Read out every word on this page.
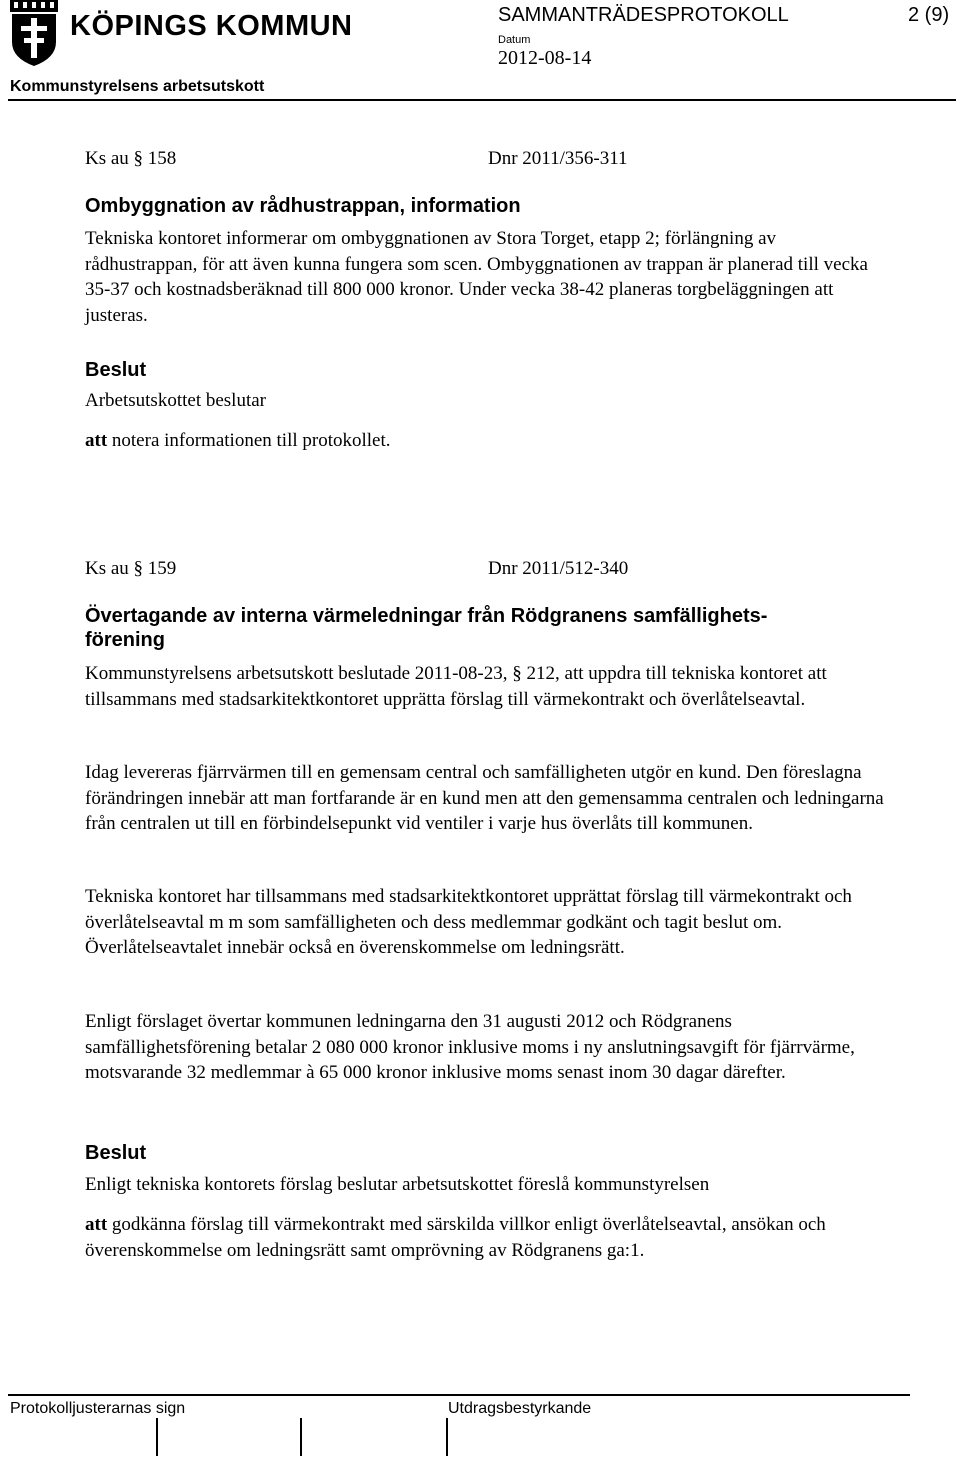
KÖPINGS KOMMUN	SAMMANTRÄDESPROTOKOLL	2 (9)
Datum
2012-08-14
Kommunstyrelsens arbetsutskott
Ks au § 158	Dnr 2011/356-311
Ombyggnation av rådhustrappan, information

Tekniska kontoret informerar om ombyggnationen av Stora Torget, etapp 2; förlängning av rådhustrappan, för att även kunna fungera som scen. Ombyggnationen av trappan är planerad till vecka 35-37 och kostnadsberäknad till 800 000 kronor. Under vecka 38-42 planeras torgbeläggningen att justeras.

Beslut
Arbetsutskottet beslutar
att notera informationen till protokollet.
Ks au § 159	Dnr 2011/512-340
Övertagande av interna värmeledningar från Rödgranens samfällighets-
förening

Kommunstyrelsens arbetsutskott beslutade 2011-08-23, § 212, att uppdra till tekniska kontoret att tillsammans med stadsarkitektkontoret upprätta förslag till värmekontrakt och överlåtelseavtal.

Idag levereras fjärrvärmen till en gemensam central och samfälligheten utgör en kund. Den föreslagna förändringen innebär att man fortfarande är en kund men att den gemensamma centralen och ledningarna från centralen ut till en förbindelsepunkt vid ventiler i varje hus överlåts till kommunen.

Tekniska kontoret har tillsammans med stadsarkitektkontoret upprättat förslag till värmekontrakt och överlåtelseavtal m m som samfälligheten och dess medlemmar godkänt och tagit beslut om. Överlåtelseavtalet innebär också en överenskommelse om ledningsrätt.

Enligt förslaget övertar kommunen ledningarna den 31 augusti 2012 och Rödgranens samfällighetsförening betalar 2 080 000 kronor inklusive moms i ny anslutningsavgift för fjärrvärme, motsvarande 32 medlemmar à 65 000 kronor inklusive moms senast inom 30 dagar därefter.

Beslut
Enligt tekniska kontorets förslag beslutar arbetsutskottet föreslå kommunstyrelsen

att godkänna förslag till värmekontrakt med särskilda villkor enligt överlåtelseavtal, ansökan och överenskommelse om ledningsrätt samt omprövning av Rödgranens ga:1.

Protokolljusterarnas sign	Utdragsbestyrkande
